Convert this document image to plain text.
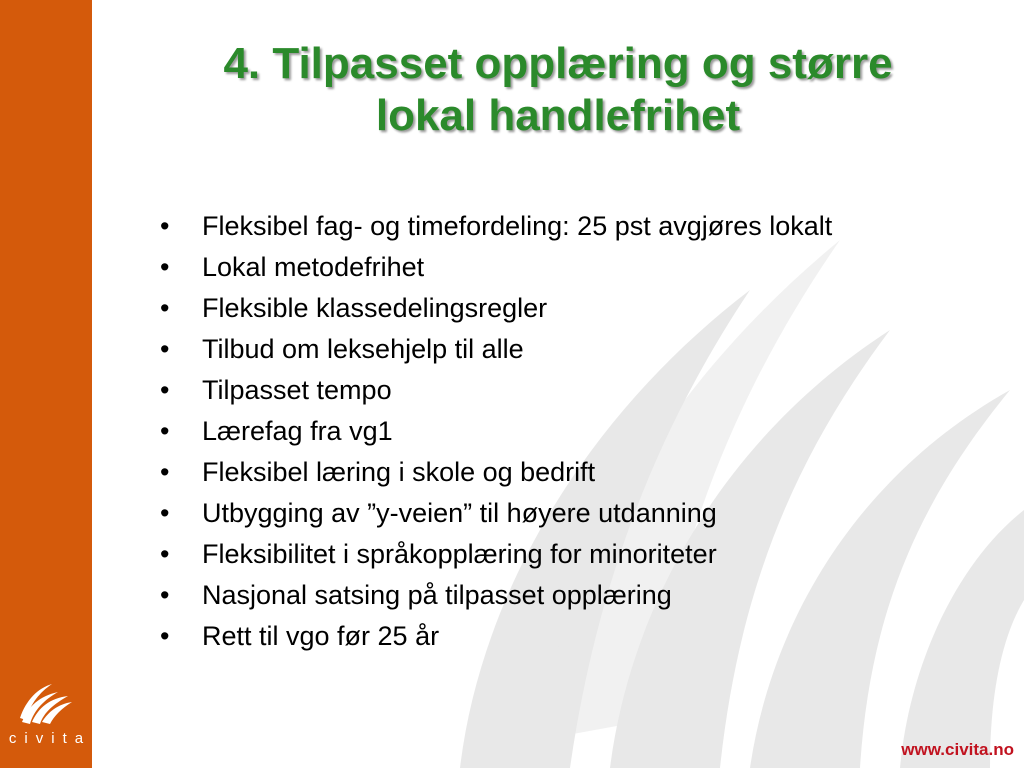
civita
4. Tilpasset opplæring og større
lokal handlefrihet
• Fleksibel fag- og timefordeling: 25 pst avgjøres lokalt
• Lokal metodefrihet
• Fleksible klassedelingsregler
• Tilbud om leksehjelp til alle
• Tilpasset tempo
• Lærefag fra vg1
• Fleksibel læring i skole og bedrift
• Utbygging av ”y-veien” til høyere utdanning
• Fleksibilitet i språkopplæring for minoriteter
• Nasjonal satsing på tilpasset opplæring
• Rett til vgo før 25 år
www.civita.no
